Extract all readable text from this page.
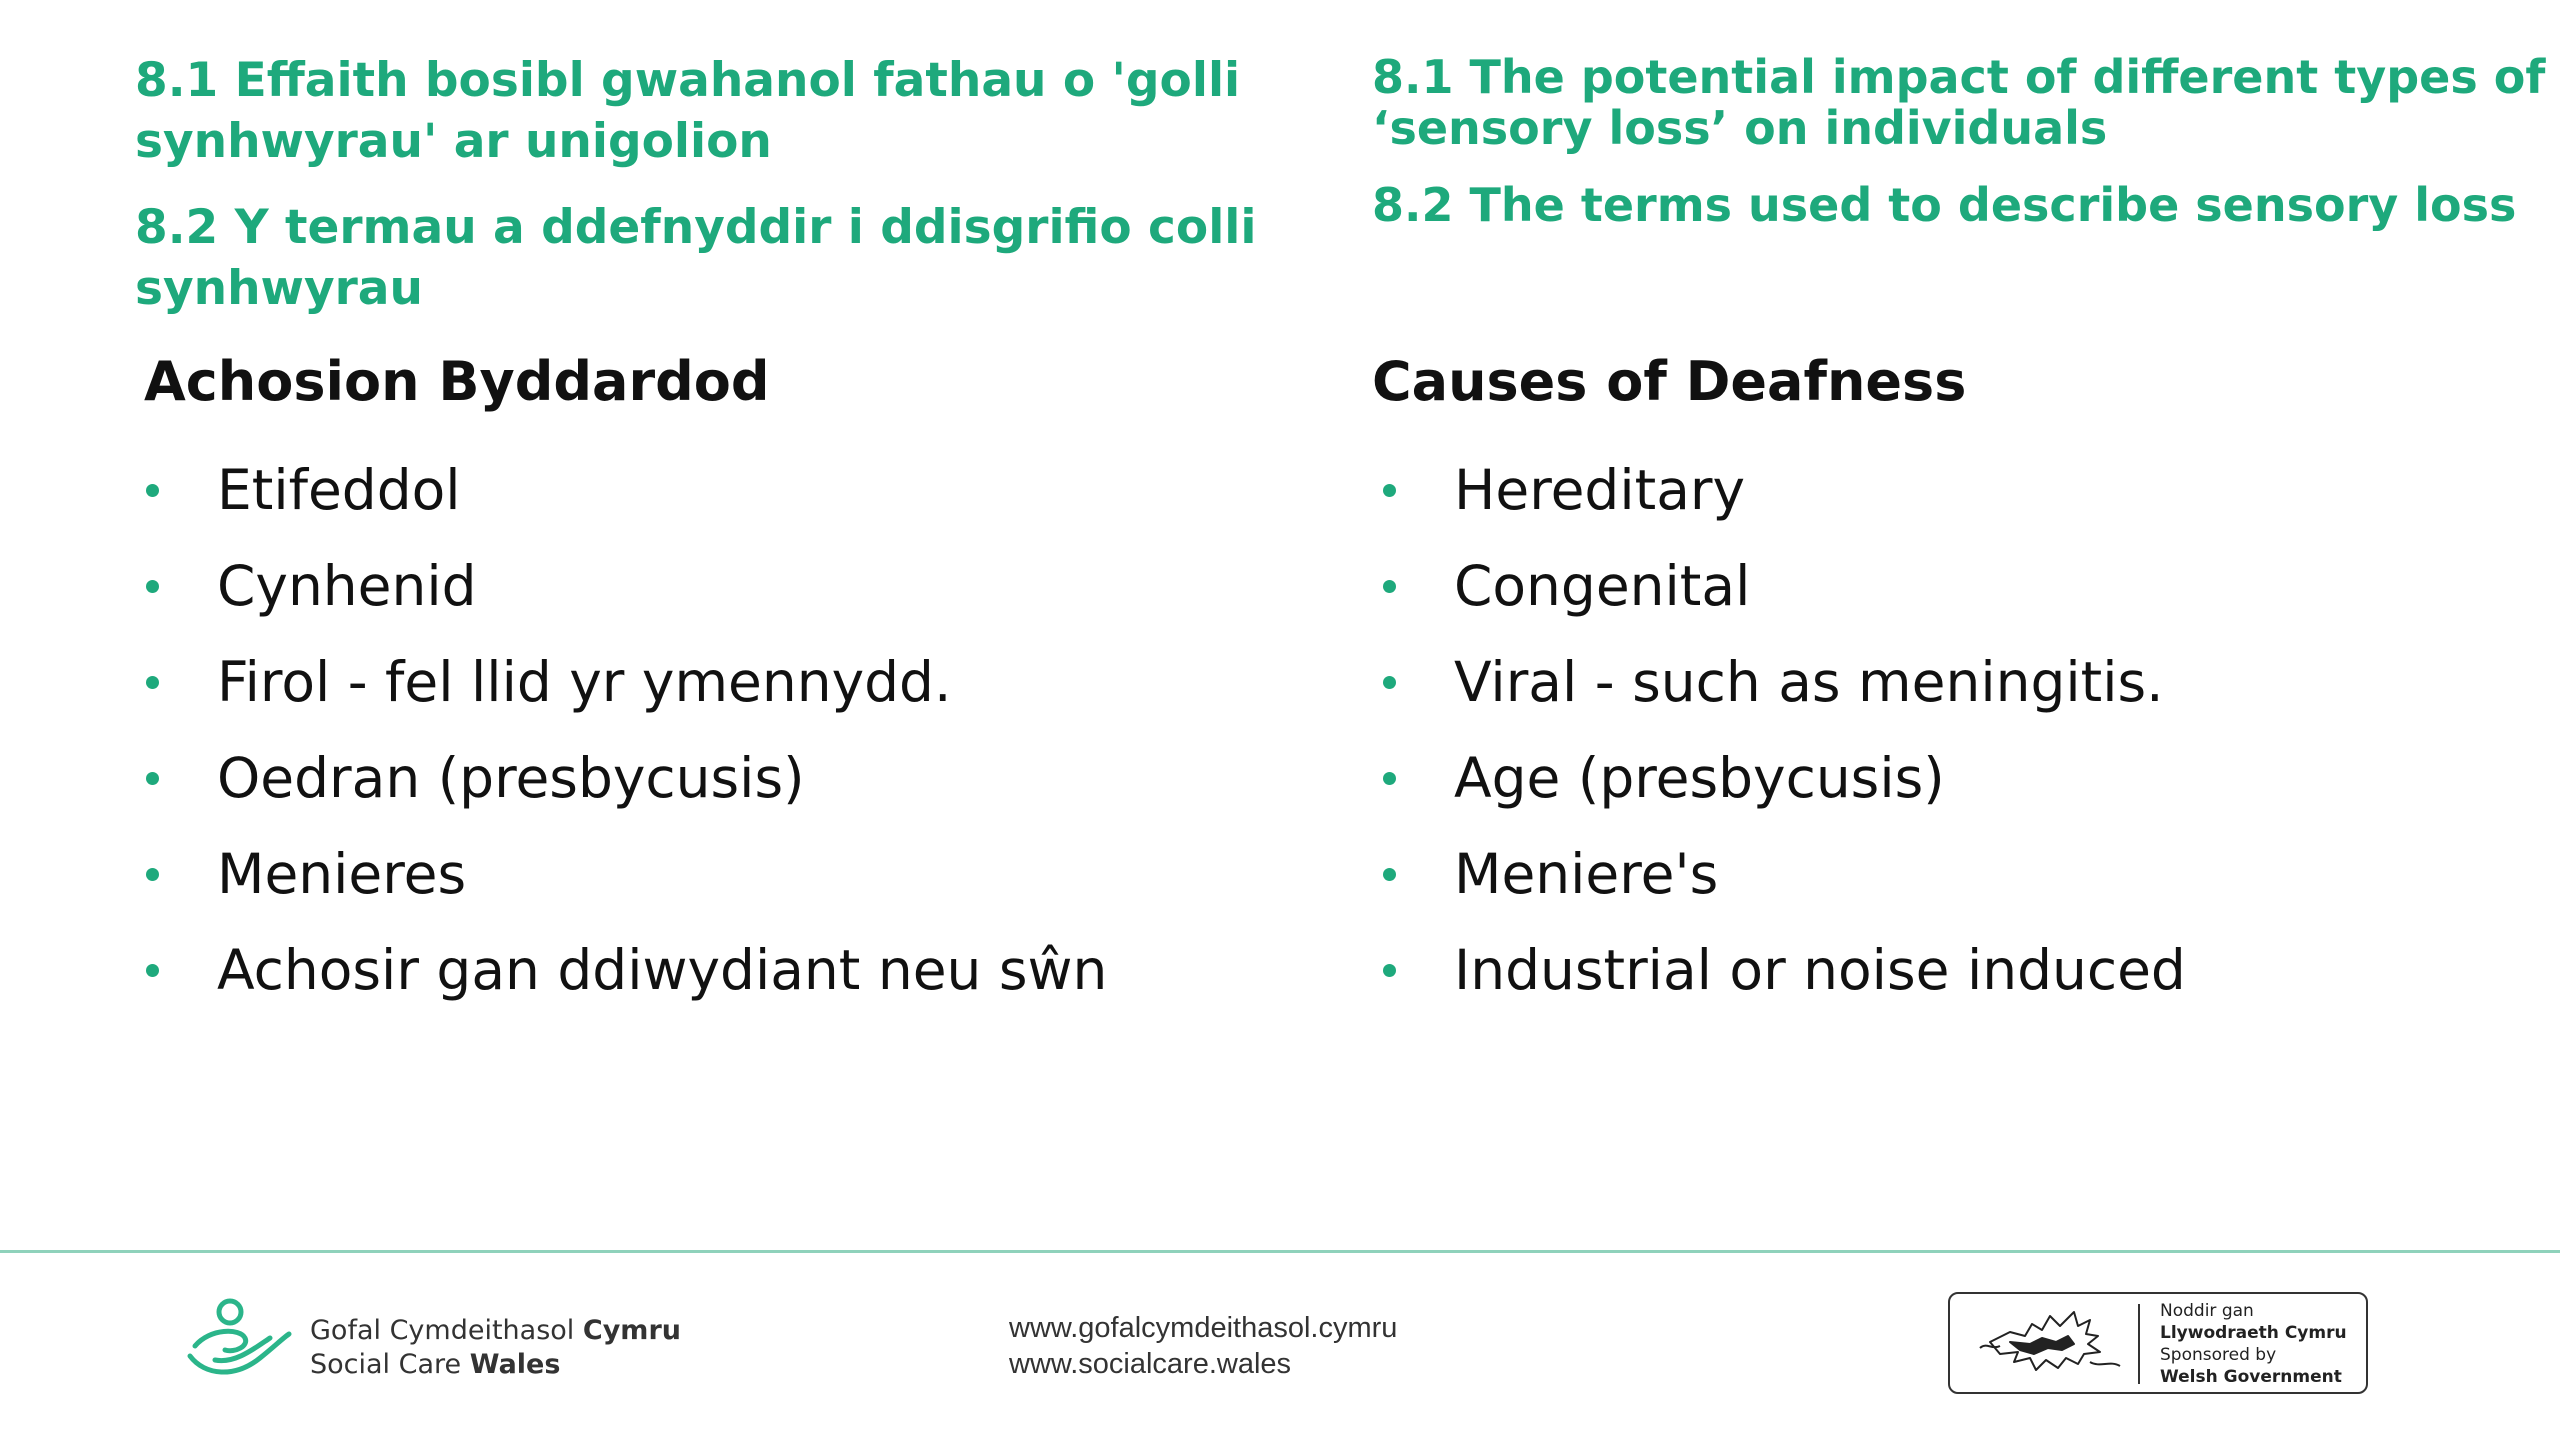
8.1 Effaith bosibl gwahanol fathau o 'golli

synhwyrau' ar unigolion

8.2 Y termau a ddefnyddir i ddisgrifio colli

synhwyrau

Achosion Byddardod
Etifeddol
Cynhenid
Firol - fel llid yr ymennydd.
Oedran (presbycusis)
Menieres
Achosir gan ddiwydiant neu sŵn

8.1 The potential impact of different types of

‘sensory loss’ on individuals

8.2 The terms used to describe sensory loss

Causes of Deafness
Hereditary
Congenital
Viral - such as meningitis.
Age (presbycusis)
Meniere's
Industrial or noise induced
Gofal Cymdeithasol Cymru
Social Care Wales
www.gofalcymdeithasol.cymru
www.socialcare.wales
Noddir gan
Llywodraeth Cymru
Sponsored by
Welsh Government
